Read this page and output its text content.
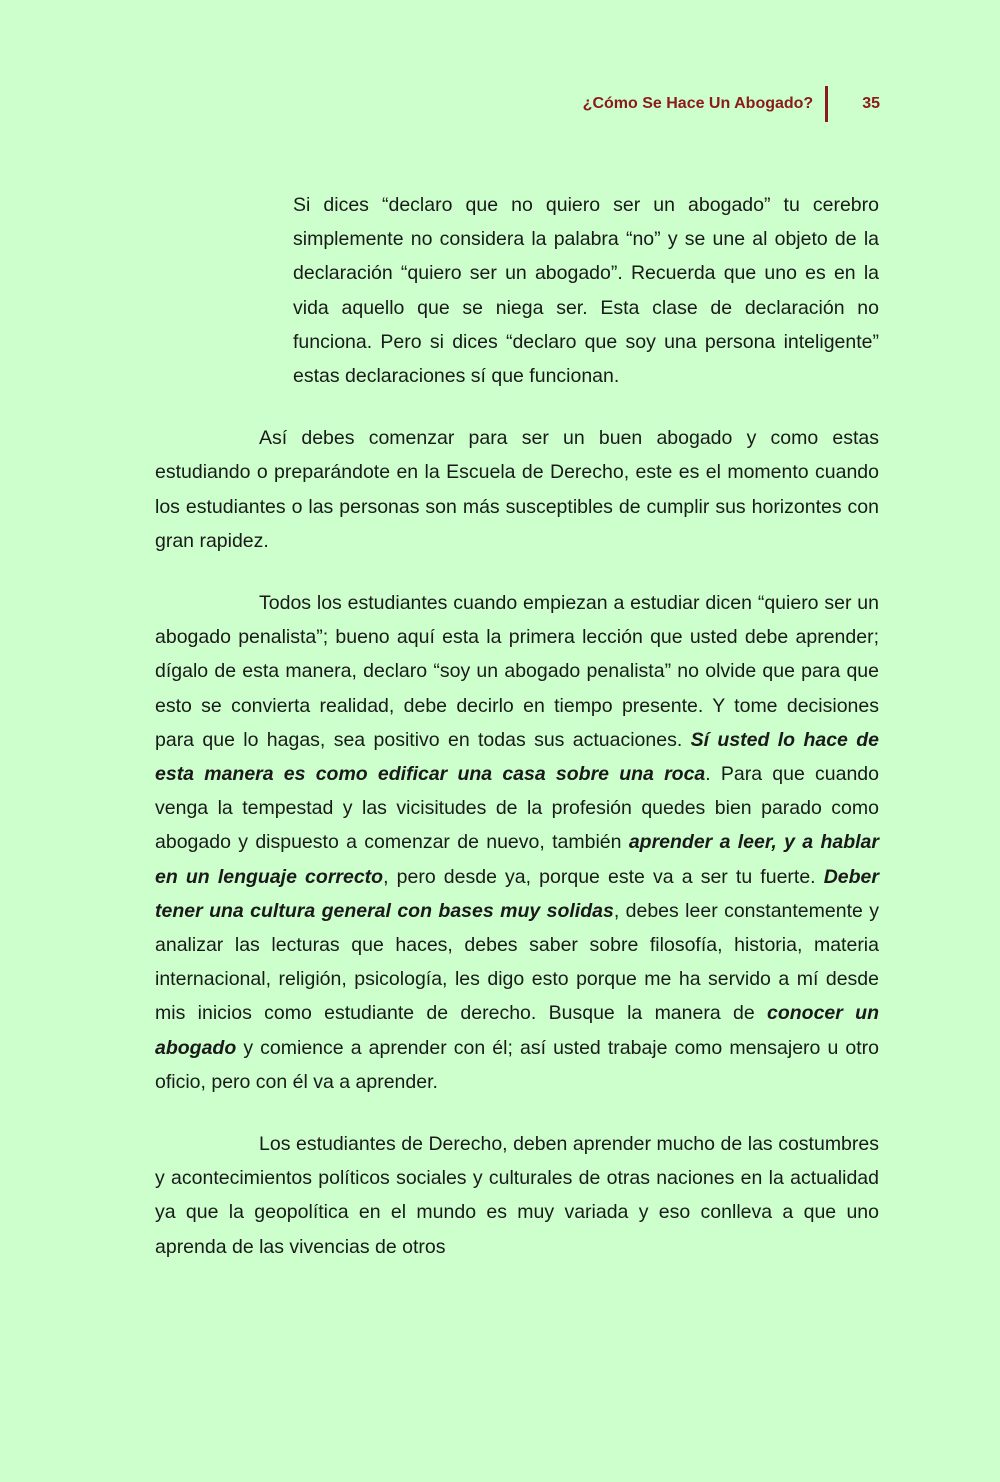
¿Cómo Se Hace Un Abogado?	35

Si dices “declaro que no quiero ser un abogado” tu cerebro simplemente no considera la palabra “no” y se une al objeto de la declaración “quiero ser un abogado”. Recuerda que uno es en la vida aquello que se niega ser. Esta clase de declaración no funciona. Pero si dices “declaro que soy una persona inteligente” estas declaraciones sí que funcionan.

Así debes comenzar para ser un buen abogado y como estas estudiando o preparándote en la Escuela de Derecho, este es el momento cuando los estudiantes o las personas son más susceptibles de cumplir sus horizontes con gran rapidez.

Todos los estudiantes cuando empiezan a estudiar dicen “quiero ser un abogado penalista”; bueno aquí esta la primera lección que usted debe aprender; dígalo de esta manera, declaro “soy un abogado penalista” no olvide que para que esto se convierta realidad, debe decirlo en tiempo presente. Y tome decisiones para que lo hagas, sea positivo en todas sus actuaciones. Sí usted lo hace de esta manera es como edificar una casa sobre una roca. Para que cuando venga la tempestad y las vicisitudes de la profesión quedes bien parado como abogado y dispuesto a comenzar de nuevo, también aprender a leer, y a hablar en un lenguaje correcto, pero desde ya, porque este va a ser tu fuerte. Deber tener una cultura general con bases muy solidas, debes leer constantemente y analizar las lecturas que haces, debes saber sobre filosofía, historia, materia internacional, religión, psicología, les digo esto porque me ha servido a mí desde mis inicios como estudiante de derecho. Busque la manera de conocer un abogado y comience a aprender con él; así usted trabaje como mensajero u otro oficio, pero con él va a aprender.

Los estudiantes de Derecho, deben aprender mucho de las costumbres y acontecimientos políticos sociales y culturales de otras naciones en la actualidad ya que la geopolítica en el mundo es muy variada y eso conlleva a que uno aprenda de las vivencias de otros
